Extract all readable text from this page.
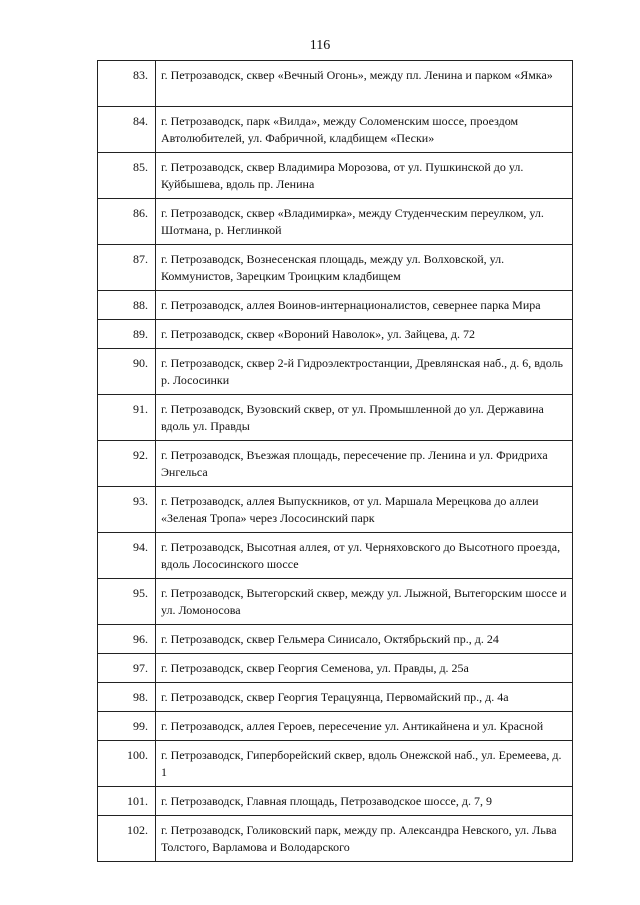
116
83.	г. Петрозаводск, сквер «Вечный Огонь», между пл. Ленина и парком «Ямка»
84.	г. Петрозаводск, парк «Вилда», между Соломенским шоссе, проездом Автолюбителей, ул. Фабричной, кладбищем «Пески»
85.	г. Петрозаводск, сквер Владимира Морозова, от ул. Пушкинской до ул. Куйбышева, вдоль пр. Ленина
86.	г. Петрозаводск, сквер «Владимирка», между Студенческим переулком, ул. Шотмана, р. Неглинкой
87.	г. Петрозаводск, Вознесенская площадь, между ул. Волховской, ул. Коммунистов, Зарецким Троицким кладбищем
88.	г. Петрозаводск, аллея Воинов-интернационалистов, севернее парка Мира
89.	г. Петрозаводск, сквер «Вороний Наволок», ул. Зайцева, д. 72
90.	г. Петрозаводск, сквер 2-й Гидроэлектростанции, Древлянская наб., д. 6, вдоль р. Лососинки
91.	г. Петрозаводск, Вузовский сквер, от ул. Промышленной до ул. Державина вдоль ул. Правды
92.	г. Петрозаводск, Въезжая площадь, пересечение пр. Ленина и ул. Фридриха Энгельса
93.	г. Петрозаводск, аллея Выпускников, от ул. Маршала Мерецкова до аллеи «Зеленая Тропа» через Лососинский парк
94.	г. Петрозаводск, Высотная аллея, от ул. Черняховского до Высотного проезда, вдоль Лососинского шоссе
95.	г. Петрозаводск, Вытегорский сквер, между ул. Лыжной, Вытегорским шоссе и ул. Ломоносова
96.	г. Петрозаводск, сквер Гельмера Синисало, Октябрьский пр., д. 24
97.	г. Петрозаводск, сквер Георгия Семенова, ул. Правды, д. 25а
98.	г. Петрозаводск, сквер Георгия Терацуянца, Первомайский пр., д. 4а
99.	г. Петрозаводск, аллея Героев, пересечение ул. Антикайнена и ул. Красной
100.	г. Петрозаводск, Гиперборейский сквер, вдоль Онежской наб., ул. Еремеева, д. 1
101.	г. Петрозаводск, Главная площадь, Петрозаводское шоссе, д. 7, 9
102.	г. Петрозаводск, Голиковский парк, между пр. Александра Невского, ул. Льва Толстого, Варламова и Володарского
